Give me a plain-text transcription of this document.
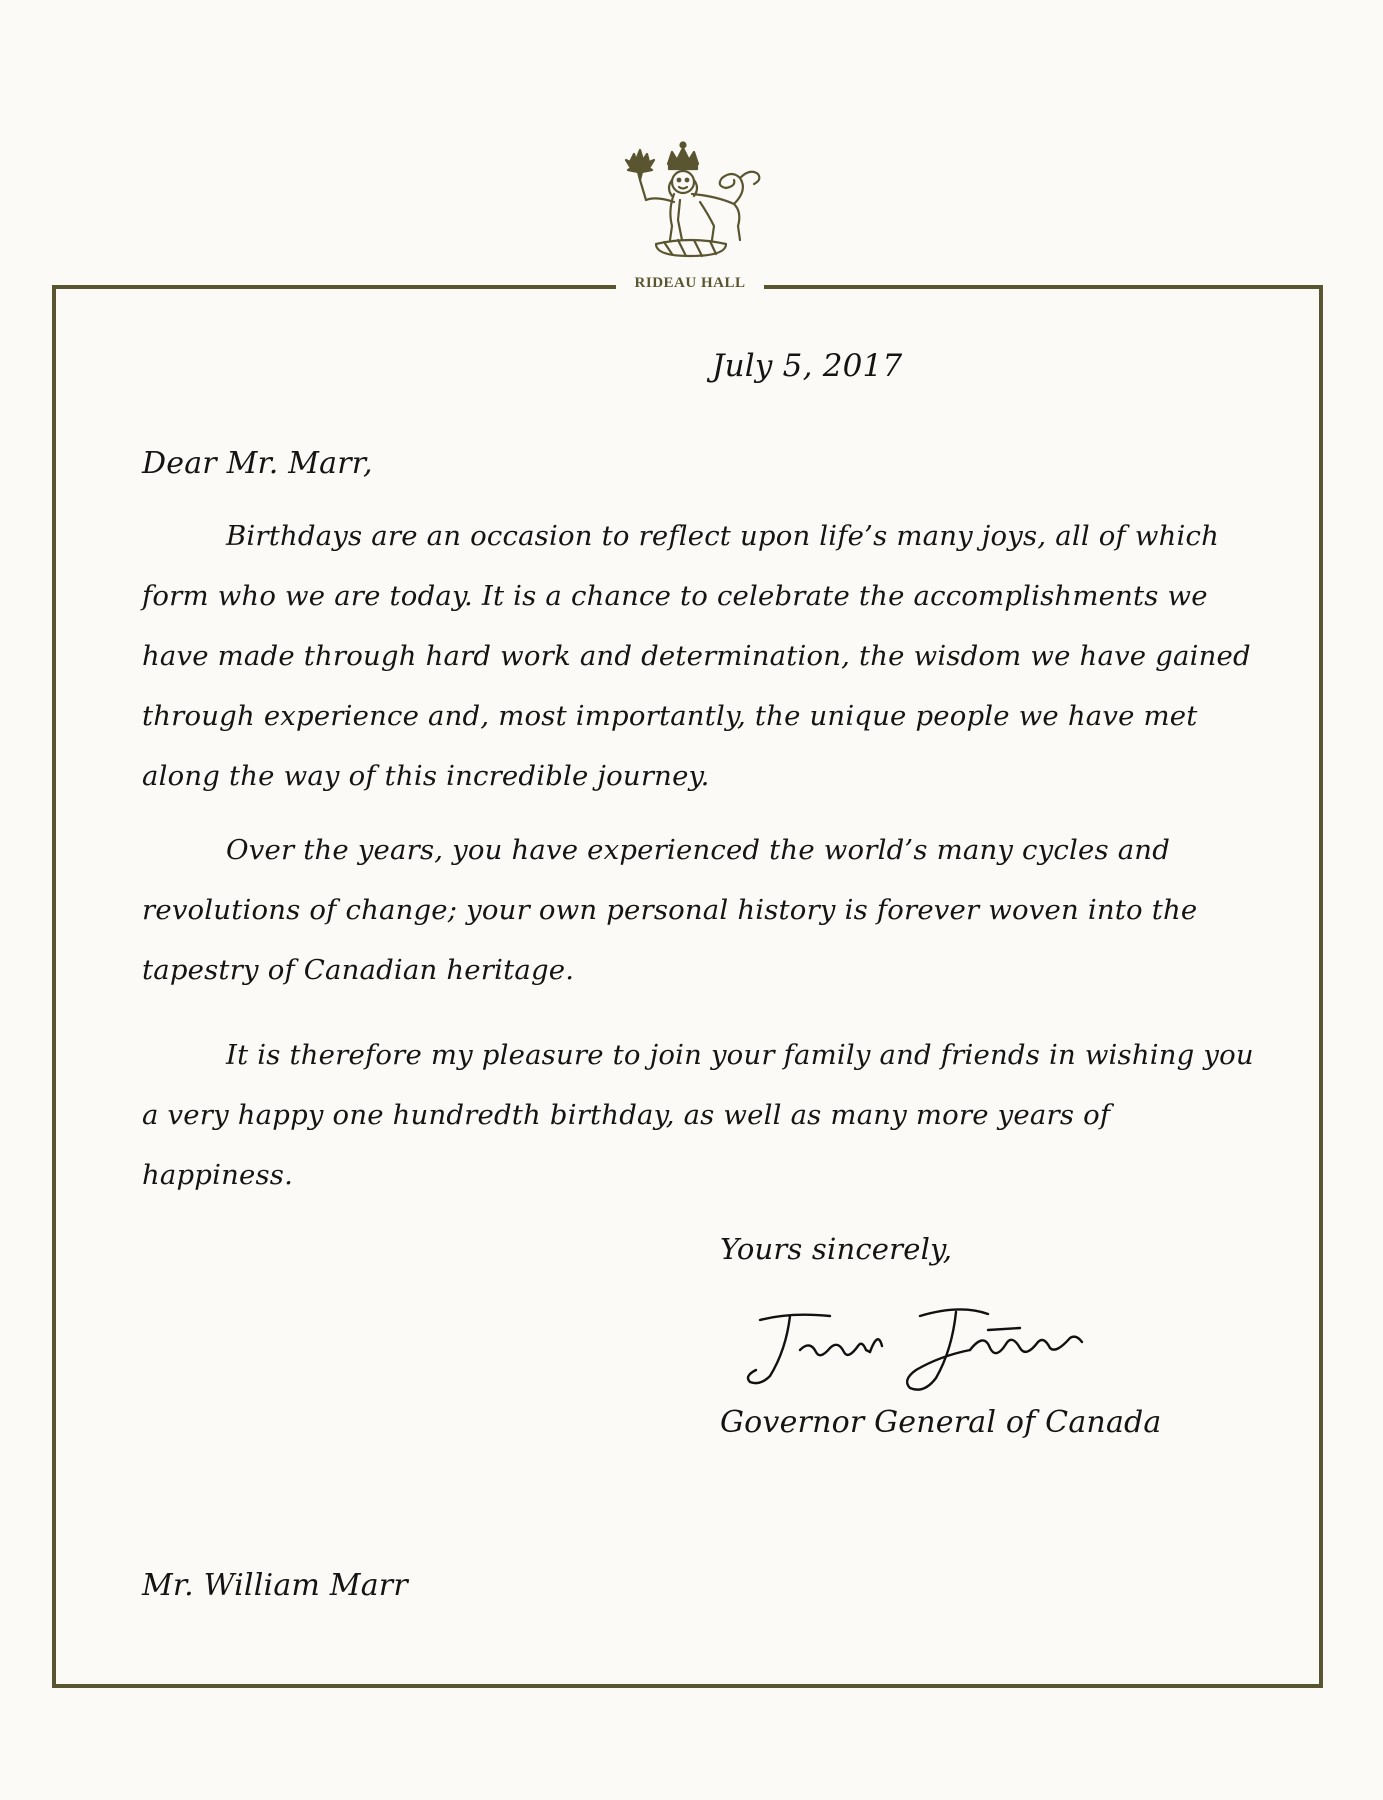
RIDEAU HALL
July 5, 2017
Dear Mr. Marr,

Birthdays are an occasion to reflect upon life’s many joys, all of which form who we are today. It is a chance to celebrate the accomplishments we have made through hard work and determination, the wisdom we have gained through experience and, most importantly, the unique people we have met along the way of this incredible journey.

Over the years, you have experienced the world’s many cycles and revolutions of change; your own personal history is forever woven into the tapestry of Canadian heritage.

It is therefore my pleasure to join your family and friends in wishing you a very happy one hundredth birthday, as well as many more years of happiness.

Yours sincerely,
Governor General of Canada
Mr. William Marr
